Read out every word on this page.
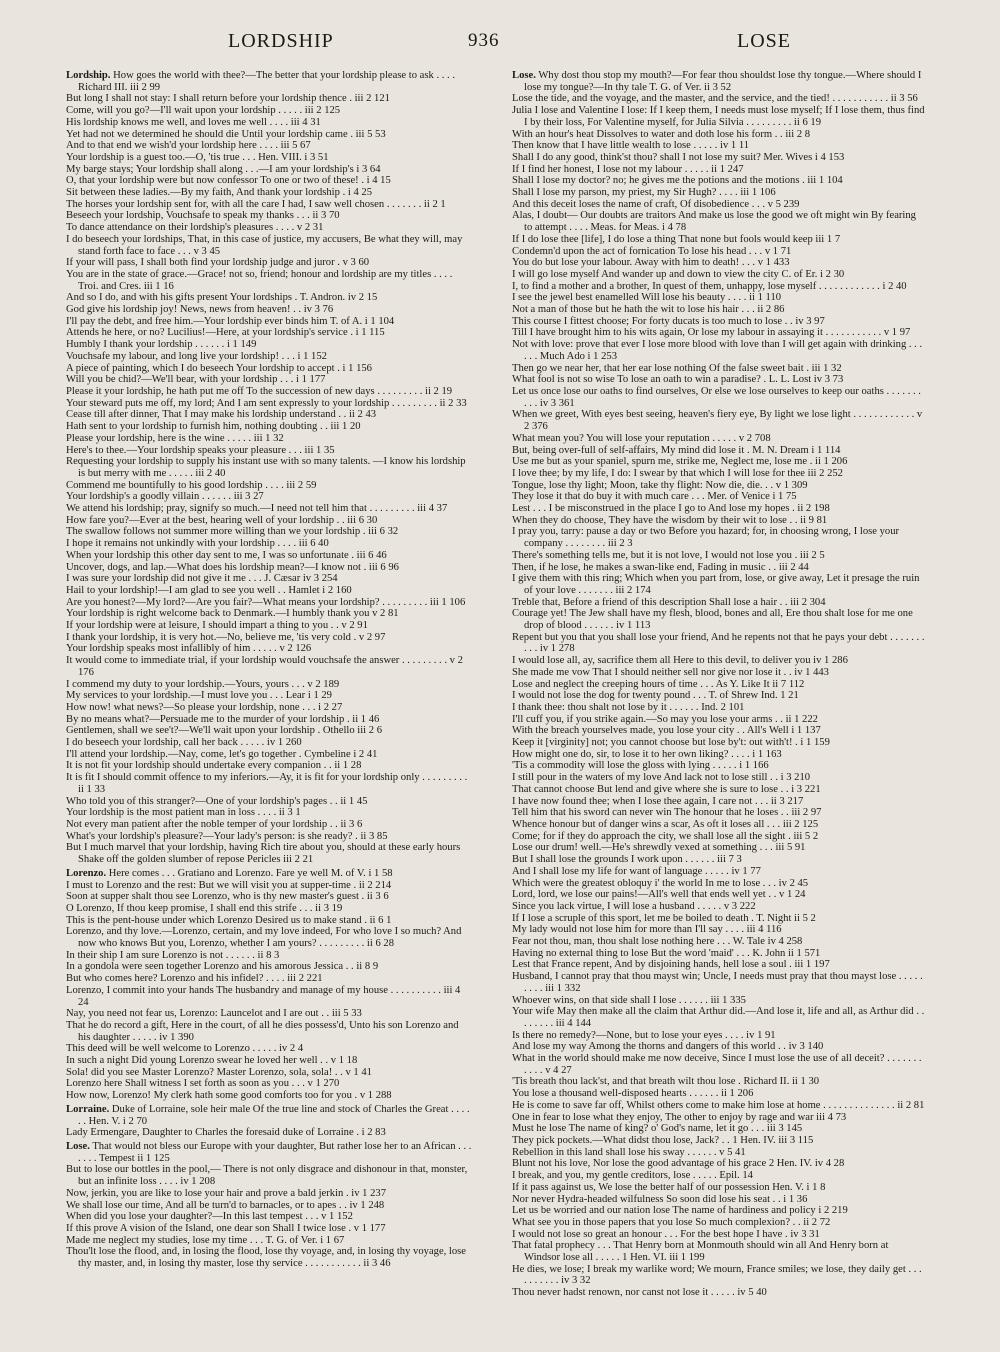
LORDSHIP	936	LOSE
Lordship. How goes the world with thee?—The better that your lordship please to ask . . . . Richard III. iii 2 99
But long I shall not stay: I shall return before your lordship thence . iii 2 121
Come, will you go?—I'll wait upon your lordship . . . . . iii 2 125
His lordship knows me well, and loves me well . . . . iii 4 31
Yet had not we determined he should die Until your lordship came . iii 5 53
And to that end we wish'd your lordship here . . . . iii 5 67
Your lordship is a guest too.—O, 'tis true . . . Hen. VIII. i 3 51
My barge stays; Your lordship shall along . . .—I am your lordship's i 3 64
O, that your lordship were but now confessor To one or two of these! . i 4 15
Sit between these ladies.—By my faith, And thank your lordship . i 4 25
The horses your lordship sent for, with all the care I had, I saw well chosen . . . . . . . ii 2 1
Beseech your lordship, Vouchsafe to speak my thanks . . . ii 3 70
To dance attendance on their lordship's pleasures . . . . v 2 31
I do beseech your lordships, That, in this case of justice, my accusers, Be what they will, may stand forth face to face . . . v 3 45
If your will pass, I shall both find your lordship judge and juror . v 3 60
You are in the state of grace.—Grace! not so, friend; honour and lordship are my titles . . . . Troi. and Cres. iii 1 16
And so I do, and with his gifts present Your lordships . T. Andron. iv 2 15
God give his lordship joy! News, news from heaven! . . iv 3 76
I'll pay the debt, and free him.—Your lordship ever binds him T. of A. i 1 104
Attends he here, or no? Lucilius!—Here, at your lordship's service . i 1 115
Humbly I thank your lordship . . . . . . i 1 149
Vouchsafe my labour, and long live your lordship! . . . i 1 152
A piece of painting, which I do beseech Your lordship to accept . i 1 156
Will you be chid?—We'll bear, with your lordship . . . i 1 177
Please it your lordship, he hath put me off To the succession of new days . . . . . . . . . ii 2 19
Your steward puts me off, my lord; And I am sent expressly to your lordship . . . . . . . . . ii 2 33
Cease till after dinner, That I may make his lordship understand . . ii 2 43
Hath sent to your lordship to furnish him, nothing doubting . . iii 1 20
Please your lordship, here is the wine . . . . . iii 1 32
Here's to thee.—Your lordship speaks your pleasure . . . iii 1 35
Requesting your lordship to supply his instant use with so many talents. —I know his lordship is but merry with me . . . . . iii 2 40
Commend me bountifully to his good lordship . . . . iii 2 59
Your lordship's a goodly villain . . . . . . iii 3 27
We attend his lordship; pray, signify so much.—I need not tell him that . . . . . . . . . iii 4 37
How fare you?—Ever at the best, hearing well of your lordship . . iii 6 30
The swallow follows not summer more willing than we your lordship . iii 6 32
I hope it remains not unkindly with your lordship . . . . iii 6 40
When your lordship this other day sent to me, I was so unfortunate . iii 6 46
Uncover, dogs, and lap.—What does his lordship mean?—I know not . iii 6 96
I was sure your lordship did not give it me . . . J. Cæsar iv 3 254
Hail to your lordship!—I am glad to see you well . . Hamlet i 2 160
Are you honest?—My lord?—Are you fair?—What means your lordship? . . . . . . . . . iii 1 106
Your lordship is right welcome back to Denmark.—I humbly thank you v 2 81
If your lordship were at leisure, I should impart a thing to you . . v 2 91
I thank your lordship, it is very hot.—No, believe me, 'tis very cold . v 2 97
Your lordship speaks most infallibly of him . . . . . v 2 126
It would come to immediate trial, if your lordship would vouchsafe the answer . . . . . . . . . v 2 176
I commend my duty to your lordship.—Yours, yours . . . v 2 189
My services to your lordship.—I must love you . . . Lear i 1 29
How now! what news?—So please your lordship, none . . . i 2 27
By no means what?—Persuade me to the murder of your lordship . ii 1 46
Gentlemen, shall we see't?—We'll wait upon your lordship . Othello iii 2 6
I do beseech your lordship, call her back . . . . . iv 1 260
I'll attend your lordship.—Nay, come, let's go together . Cymbeline i 2 41
It is not fit your lordship should undertake every companion . . ii 1 28
It is fit I should commit offence to my inferiors.—Ay, it is fit for your lordship only . . . . . . . . . ii 1 33
Who told you of this stranger?—One of your lordship's pages . . ii 1 45
Your lordship is the most patient man in loss . . . . ii 3 1
Not every man patient after the noble temper of your lordship . . ii 3 6
What's your lordship's pleasure?—Your lady's person: is she ready? . ii 3 85
But I much marvel that your lordship, having Rich tire about you, should at these early hours Shake off the golden slumber of repose Pericles iii 2 21
Lorenzo. Here comes . . . Gratiano and Lorenzo. Fare ye well M. of V. i 1 58
I must to Lorenzo and the rest: But we will visit you at supper-time . ii 2 214
Soon at supper shalt thou see Lorenzo, who is thy new master's guest . ii 3 6
O Lorenzo, If thou keep promise, I shall end this strife . . . ii 3 19
This is the pent-house under which Lorenzo Desired us to make stand . ii 6 1
Lorenzo, and thy love.—Lorenzo, certain, and my love indeed, For who love I so much? And now who knows But you, Lorenzo, whether I am yours? . . . . . . . . . ii 6 28
In their ship I am sure Lorenzo is not . . . . . . ii 8 3
In a gondola were seen together Lorenzo and his amorous Jessica . . ii 8 9
But who comes here? Lorenzo and his infidel? . . . . iii 2 221
Lorenzo, I commit into your hands The husbandry and manage of my house . . . . . . . . . . iii 4 24
Nay, you need not fear us, Lorenzo: Launcelot and I are out . . iii 5 33
That he do record a gift, Here in the court, of all he dies possess'd, Unto his son Lorenzo and his daughter . . . . . iv 1 390
This deed will be well welcome to Lorenzo . . . . . iv 2 4
In such a night Did young Lorenzo swear he loved her well . . v 1 18
Sola! did you see Master Lorenzo? Master Lorenzo, sola, sola! . . v 1 41
Lorenzo here Shall witness I set forth as soon as you . . . v 1 270
How now, Lorenzo! My clerk hath some good comforts too for you . v 1 288
Lorraine. Duke of Lorraine, sole heir male Of the true line and stock of Charles the Great . . . . . . Hen. V. i 2 70
Lady Ermengare, Daughter to Charles the foresaid duke of Lorraine . i 2 83
Lose. That would not bless our Europe with your daughter, But rather lose her to an African . . . . . . . Tempest ii 1 125
But to lose our bottles in the pool,— There is not only disgrace and dishonour in that, monster, but an infinite loss . . . . iv 1 208
Now, jerkin, you are like to lose your hair and prove a bald jerkin . iv 1 237
We shall lose our time, And all be turn'd to barnacles, or to apes . . iv 1 248
When did you lose your daughter?—In this last tempest . . . v 1 152
If this prove A vision of the Island, one dear son Shall I twice lose . v 1 177
Made me neglect my studies, lose my time . . . T. G. of Ver. i 1 67
Thou'lt lose the flood, and, in losing the flood, lose thy voyage, and, in losing thy voyage, lose thy master, and, in losing thy master, lose thy service . . . . . . . . . . . ii 3 46
Lose. Why dost thou stop my mouth?—For fear thou shouldst lose thy tongue.—Where should I lose my tongue?—In thy tale T. G. of Ver. ii 3 52
Lose the tide, and the voyage, and the master, and the service, and the tied! . . . . . . . . . . . ii 3 56
Julia I lose and Valentine I lose: If I keep them, I needs must lose myself; If I lose them, thus find I by their loss, For Valentine myself, for Julia Silvia . . . . . . . . . ii 6 19
With an hour's heat Dissolves to water and doth lose his form . . iii 2 8
Then know that I have little wealth to lose . . . . . iv 1 11
Shall I do any good, think'st thou? shall I not lose my suit? Mer. Wives i 4 153
If I find her honest, I lose not my labour . . . . . ii 1 247
Shall I lose my doctor? no; he gives me the potions and the motions . iii 1 104
Shall I lose my parson, my priest, my Sir Hugh? . . . . iii 1 106
And this deceit loses the name of craft, Of disobedience . . . v 5 239
Alas, I doubt— Our doubts are traitors And make us lose the good we oft might win By fearing to attempt . . . . Meas. for Meas. i 4 78
If I do lose thee [life], I do lose a thing That none but fools would keep iii 1 7
Condemn'd upon the act of fornication To lose his head . . . v 1 71
You do but lose your labour. Away with him to death! . . . v 1 433
I will go lose myself And wander up and down to view the city C. of Er. i 2 30
I, to find a mother and a brother, In quest of them, unhappy, lose myself . . . . . . . . . . . . i 2 40
I see the jewel best enamelled Will lose his beauty . . . . ii 1 110
Not a man of those but he hath the wit to lose his hair . . . ii 2 86
This course I fittest choose; For forty ducats is too much to lose . . iv 3 97
Till I have brought him to his wits again, Or lose my labour in assaying it . . . . . . . . . . . v 1 97
Not with love: prove that ever I lose more blood with love than I will get again with drinking . . . . . . Much Ado i 1 253
Then go we near her, that her ear lose nothing Of the false sweet bait . iii 1 32
What fool is not so wise To lose an oath to win a paradise? . L. L. Lost iv 3 73
Let us once lose our oaths to find ourselves, Or else we lose ourselves to keep our oaths . . . . . . . . . . iv 3 361
When we greet, With eyes best seeing, heaven's fiery eye, By light we lose light . . . . . . . . . . . . v 2 376
What mean you? You will lose your reputation . . . . . v 2 708
But, being over-full of self-affairs, My mind did lose it . M. N. Dream i 1 114
Use me but as your spaniel, spurn me, strike me, Neglect me, lose me . ii 1 206
I love thee; by my life, I do: I swear by that which I will lose for thee iii 2 252
Tongue, lose thy light; Moon, take thy flight: Now die, die. . . v 1 309
They lose it that do buy it with much care . . . Mer. of Venice i 1 75
Lest . . . I be misconstrued in the place I go to And lose my hopes . ii 2 198
When they do choose, They have the wisdom by their wit to lose . . ii 9 81
I pray you, tarry: pause a day or two Before you hazard; for, in choosing wrong, I lose your company . . . . . . . . iii 2 3
There's something tells me, but it is not love, I would not lose you . iii 2 5
Then, if he lose, he makes a swan-like end, Fading in music . . iii 2 44
I give them with this ring; Which when you part from, lose, or give away, Let it presage the ruin of your love . . . . . . . iii 2 174
Treble that, Before a friend of this description Shall lose a hair . . iii 2 304
Courage yet! The Jew shall have my flesh, blood, bones and all, Ere thou shalt lose for me one drop of blood . . . . . . iv 1 113
Repent but you that you shall lose your friend, And he repents not that he pays your debt . . . . . . . . . . iv 1 278
I would lose all, ay, sacrifice them all Here to this devil, to deliver you iv 1 286
She made me vow That I should neither sell nor give nor lose it . . iv 1 443
Lose and neglect the creeping hours of time . . . As Y. Like It ii 7 112
I would not lose the dog for twenty pound . . . T. of Shrew Ind. 1 21
I thank thee: thou shalt not lose by it . . . . . . Ind. 2 101
I'll cuff you, if you strike again.—So may you lose your arms . . ii 1 222
With the breach yourselves made, you lose your city . . All's Well i 1 137
Keep it [virginity] not; you cannot choose but lose by't: out with't! . i 1 159
How might one do, sir, to lose it to her own liking? . . . . i 1 163
'Tis a commodity will lose the gloss with lying . . . . . i 1 166
I still pour in the waters of my love And lack not to lose still . . i 3 210
That cannot choose But lend and give where she is sure to lose . . i 3 221
I have now found thee; when I lose thee again, I care not . . . ii 3 217
Tell him that his sword can never win The honour that he loses . . iii 2 97
Whence honour but of danger wins a scar, As oft it loses all . . . iii 2 125
Come; for if they do approach the city, we shall lose all the sight . iii 5 2
Lose our drum! well.—He's shrewdly vexed at something . . . iii 5 91
But I shall lose the grounds I work upon . . . . . . iii 7 3
And I shall lose my life for want of language . . . . . iv 1 77
Which were the greatest obloquy i' the world In me to lose . . . iv 2 45
Lord, lord, we lose our pains!—All's well that ends well yet . . v 1 24
Since you lack virtue, I will lose a husband . . . . . v 3 222
If I lose a scruple of this sport, let me be boiled to death . T. Night ii 5 2
My lady would not lose him for more than I'll say . . . . iii 4 116
Fear not thou, man, thou shalt lose nothing here . . . W. Tale iv 4 258
Having no external thing to lose But the word 'maid' . . . K. John ii 1 571
Lest that France repent, And by disjoining hands, hell lose a soul . iii 1 197
Husband, I cannot pray that thou mayst win; Uncle, I needs must pray that thou mayst lose . . . . . . . . . iii 1 332
Whoever wins, on that side shall I lose . . . . . . iii 1 335
Your wife May then make all the claim that Arthur did.—And lose it, life and all, as Arthur did . . . . . . . . iii 4 144
Is there no remedy?—None, but to lose your eyes . . . . iv 1 91
And lose my way Among the thorns and dangers of this world . . iv 3 140
What in the world should make me now deceive, Since I must lose the use of all deceit? . . . . . . . . . . . v 4 27
'Tis breath thou lack'st, and that breath wilt thou lose . Richard II. ii 1 30
You lose a thousand well-disposed hearts . . . . . . ii 1 206
He is come to save far off, Whilst others come to make him lose at home . . . . . . . . . . . . . . ii 2 81
One in fear to lose what they enjoy, The other to enjoy by rage and war iii 4 73
Must he lose The name of king? o' God's name, let it go . . . iii 3 145
They pick pockets.—What didst thou lose, Jack? . . 1 Hen. IV. iii 3 115
Rebellion in this land shall lose his sway . . . . . . v 5 41
Blunt not his love, Nor lose the good advantage of his grace 2 Hen. IV. iv 4 28
I break, and you, my gentle creditors, lose . . . . . Epil. 14
If it pass against us, We lose the better half of our possession Hen. V. i 1 8
Nor never Hydra-headed wilfulness So soon did lose his seat . . i 1 36
Let us be worried and our nation lose The name of hardiness and policy i 2 219
What see you in those papers that you lose So much complexion? . . ii 2 72
I would not lose so great an honour . . . For the best hope I have . iv 3 31
That fatal prophecy . . . That Henry born at Monmouth should win all And Henry born at Windsor lose all . . . . . 1 Hen. VI. iii 1 199
He dies, we lose; I break my warlike word; We mourn, France smiles; we lose, they daily get . . . . . . . . . . iv 3 32
Thou never hadst renown, nor canst not lose it . . . . . iv 5 40
